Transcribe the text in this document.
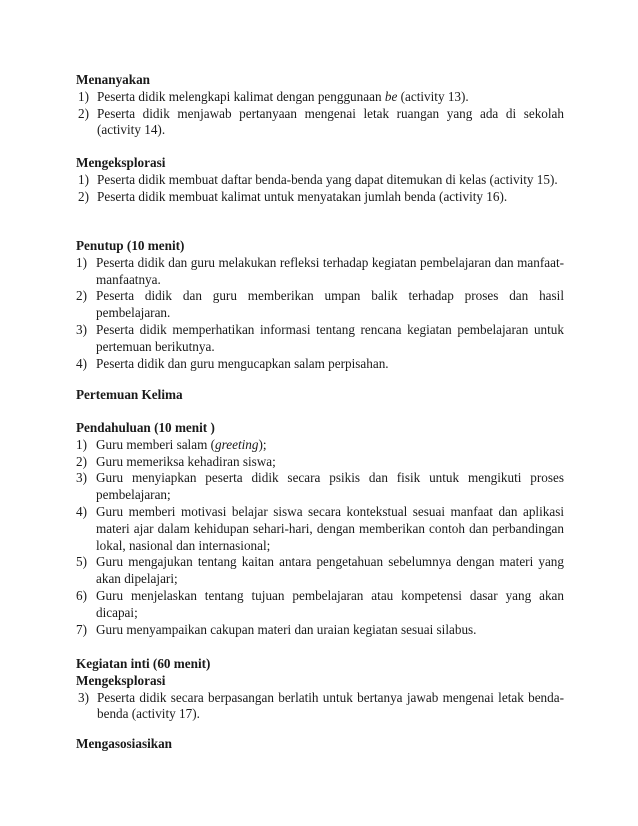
Menanyakan

1) Peserta didik melengkapi kalimat dengan penggunaan be (activity 13).
2) Peserta didik menjawab pertanyaan mengenai letak ruangan yang ada di sekolah (activity 14).

Mengeksplorasi

1) Peserta didik membuat daftar benda-benda yang dapat ditemukan di kelas (activity 15).
2) Peserta didik membuat kalimat untuk menyatakan jumlah benda (activity 16).

Penutup (10 menit)

1) Peserta didik dan guru melakukan refleksi terhadap kegiatan pembelajaran dan manfaat-manfaatnya.
2) Peserta didik dan guru memberikan umpan balik terhadap proses dan hasil pembelajaran.
3) Peserta didik memperhatikan informasi tentang rencana kegiatan pembelajaran untuk pertemuan berikutnya.
4) Peserta didik dan guru mengucapkan salam perpisahan.

Pertemuan Kelima

Pendahuluan (10 menit )

1) Guru memberi salam (greeting);
2) Guru memeriksa kehadiran siswa;
3) Guru menyiapkan peserta didik secara psikis dan fisik untuk mengikuti proses pembelajaran;
4) Guru memberi motivasi belajar siswa secara kontekstual sesuai manfaat dan aplikasi materi ajar dalam kehidupan sehari-hari, dengan memberikan contoh dan perbandingan lokal, nasional dan internasional;
5) Guru mengajukan tentang kaitan antara pengetahuan sebelumnya dengan materi yang akan dipelajari;
6) Guru menjelaskan tentang tujuan pembelajaran atau kompetensi dasar yang akan dicapai;
7) Guru menyampaikan cakupan materi dan uraian kegiatan sesuai silabus.

Kegiatan inti (60 menit)

Mengeksplorasi

3) Peserta didik secara berpasangan berlatih untuk bertanya jawab mengenai letak benda-benda (activity 17).

Mengasosiasikan
